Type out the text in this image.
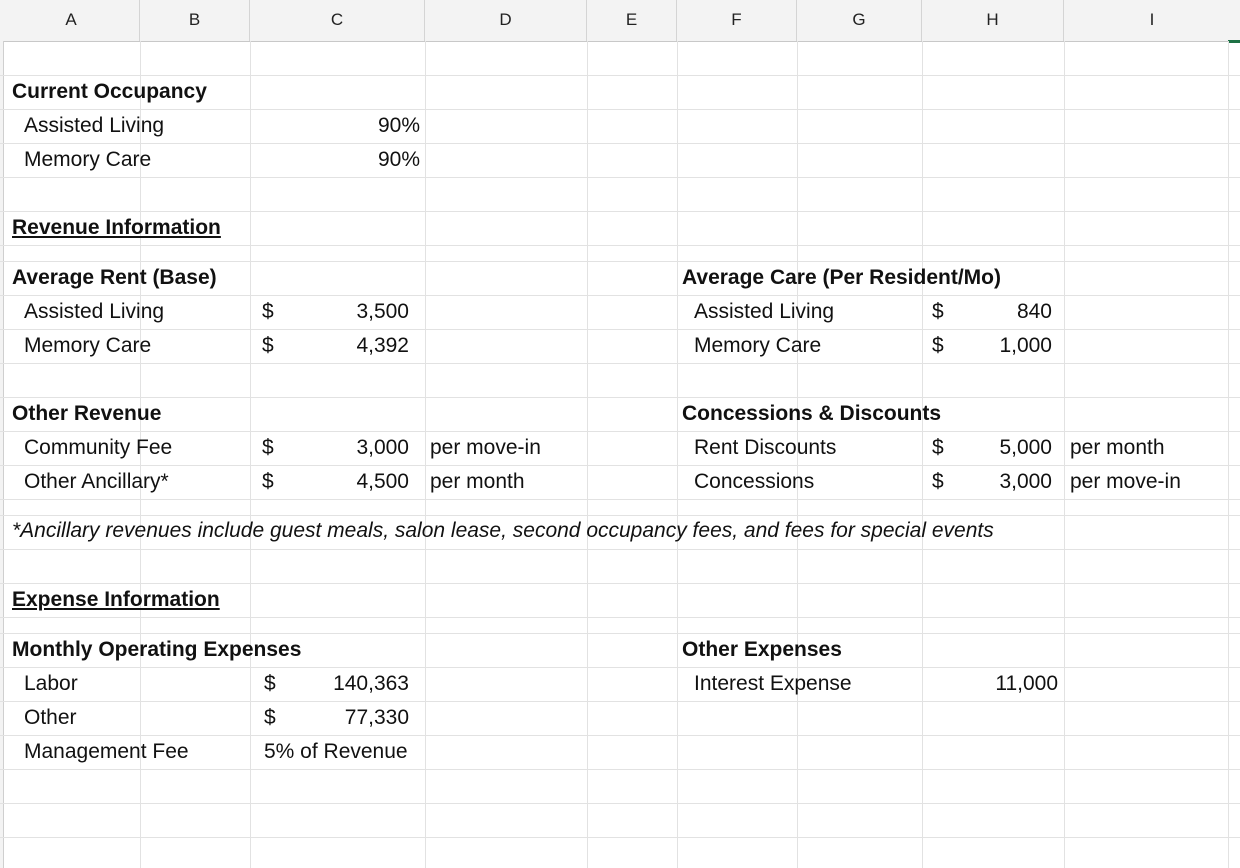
A	B	C	D	E	F	G	H	I
Current Occupancy
Assisted Living	90%
Memory Care	90%
Revenue Information
Average Rent (Base)
Assisted Living	$	3,500
Memory Care	$	4,392
Average Care (Per Resident/Mo)
Assisted Living	$	840
Memory Care	$	1,000
Other Revenue
Community Fee	$	3,000 per move-in
Other Ancillary*	$	4,500 per month
Concessions & Discounts
Rent Discounts	$	5,000 per month
Concessions	$	3,000 per move-in
*Ancillary revenues include guest meals, salon lease, second occupancy fees, and fees for special events
Expense Information
Monthly Operating Expenses
Labor	$	140,363
Other	$	77,330
Management Fee	5% of Revenue
Other Expenses
Interest Expense	11,000
